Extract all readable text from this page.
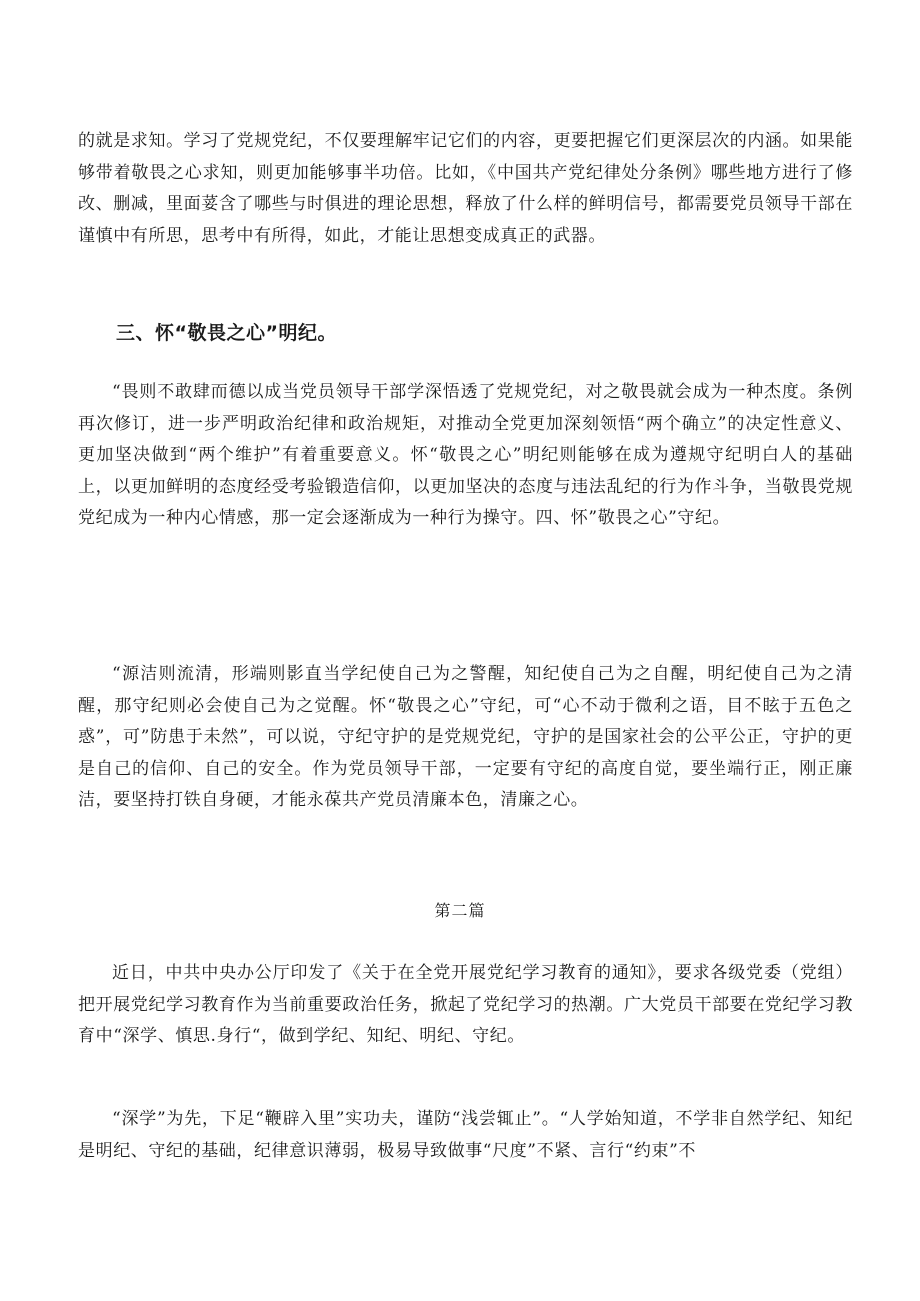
的就是求知。学习了党规党纪，不仅要理解牢记它们的内容，更要把握它们更深层次的内涵。如果能够带着敬畏之心求知，则更加能够事半功倍。比如，《中国共产党纪律处分条例》哪些地方进行了修改、删减，里面荽含了哪些与时俱进的理论思想，释放了什么样的鲜明信号，都需要党员领导干部在谨慎中有所思，思考中有所得，如此，才能让思想变成真正的武器。
三、怀“敬畏之心”明纪。
“畏则不敢肆而德以成当党员领导干部学深悟透了党规党纪，对之敬畏就会成为一种杰度。条例再次修订，进一步严明政治纪律和政治规矩，对推动全党更加深刻领悟“两个确立”的决定性意义、更加坚决做到“两个维护”有着重要意义。怀“敬畏之心”明纪则能够在成为遵规守纪明白人的基础上，以更加鲜明的态度经受考验锻造信仰，以更加坚决的态度与违法乱纪的行为作斗争，当敬畏党规党纪成为一种内心情感，那一定会逐渐成为一种行为操守。四、怀”敬畏之心”守纪。
“源洁则流清，形端则影直当学纪使自己为之警醒，知纪使自己为之自醒，明纪使自己为之清醒，那守纪则必会使自己为之觉醒。怀“敬畏之心”守纪，可“心不动于微利之语，目不眩于五色之惑”，可”防患于未然”，可以说，守纪守护的是党规党纪，守护的是国家社会的公平公正，守护的更是自己的信仰、自己的安全。作为党员领导干部，一定要有守纪的高度自觉，要坐端行正，刚正廉洁，要坚持打铁自身硬，才能永葆共产党员清廉本色，清廉之心。
第二篇
近日，中共中央办公厅印发了《关于在全党开展党纪学习教育的通知》，要求各级党委（党组）把开展党纪学习教育作为当前重要政治任务，掀起了党纪学习的热潮。广大党员干部要在党纪学习教育中“深学、慎思.身行“，做到学纪、知纪、明纪、守纪。
“深学”为先，下足“鞭辟入里”实功夫，谨防“浅尝辄止”。“人学始知道，不学非自然学纪、知纪是明纪、守纪的基础，纪律意识薄弱，极易导致做事“尺度”不紧、言行“约束”不
